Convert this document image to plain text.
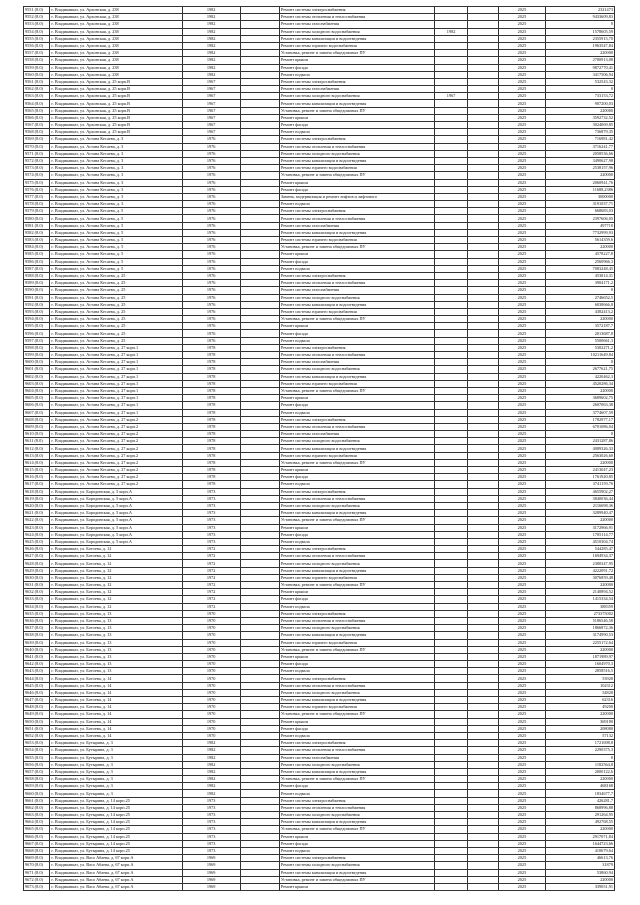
9551 (8.0)	г. Владикавказ, ул. Архонская, д. 238	1982		Ремонт системы электроснабжения			2025	2321473
9552 (8.0)	г. Владикавказ, ул. Архонская, д. 238	1982		Ремонт системы отопления и теплоснабжения			2025	9433609,83
9553 (8.0)	г. Владикавказ, ул. Архонская, д. 238	1982		Ремонт системы газоснабжения			2025	0
9554 (8.0)	г. Владикавказ, ул. Архонская, д. 238	1982		Ремонт системы холодного водоснабжения	1982		2025	1578605,59
9555 (8.0)	г. Владикавказ, ул. Архонская, д. 238	1982		Ремонт системы канализации и водоотведения			2025	2355915,70
9556 (8.0)	г. Владикавказ, ул. Архонская, д. 238	1982		Ремонт системы горячего водоснабжения			2025	1963547,84
9557 (8.0)	г. Владикавказ, ул. Архонская, д. 238	1982		Установка, ремонт и замена общедомовых ПУ			2025	220000
9558 (8.0)	г. Владикавказ, ул. Архонская, д. 238	1982		Ремонт крыши			2025	2780913,08
9559 (8.0)	г. Владикавказ, ул. Архонская, д. 238	1982		Ремонт фасада			2025	9872770,41
9560 (8.0)	г. Владикавказ, ул. Архонская, д. 238	1982		Ремонт подвала			2025	3417506,94
9561 (8.0)	г. Владикавказ, ул. Архонская, д. 25 корп.В	1967		Ремонт системы электроснабжения			2025	532543,32
9562 (8.0)	г. Владикавказ, ул. Архонская, д. 25 корп.В	1967		Ремонт системы газоснабжения			2025	0
9563 (8.0)	г. Владикавказ, ул. Архонская, д. 25 корп.В	1967		Ремонт системы холодного водоснабжения	1967		2025	733153,72
9564 (8.0)	г. Владикавказ, ул. Архонская, д. 25 корп.В	1967		Ремонт системы канализации и водоотведения			2025	907200,03
9565 (8.0)	г. Владикавказ, ул. Архонская, д. 25 корп.В	1967		Установка, ремонт и замена общедомовых ПУ			2025	220000
9566 (8.0)	г. Владикавказ, ул. Архонская, д. 25 корп.В	1967		Ремонт крыши			2025	3592732,52
9567 (8.0)	г. Владикавказ, ул. Архонская, д. 25 корп.В	1967		Ремонт фасада			2025	3024069,85
9568 (8.0)	г. Владикавказ, ул. Архонская, д. 25 корп.В	1967		Ремонт подвала			2025	736879,35
9569 (8.0)	г. Владикавказ, ул. Астана Кесаева, д. 3	1976		Ремонт системы электроснабжения			2025	716981,42
9570 (8.0)	г. Владикавказ, ул. Астана Кесаева, д. 3	1976		Ремонт системы отопления и теплоснабжения			2025	3716241,77
9571 (8.0)	г. Владикавказ, ул. Астана Кесаева, д. 3	1976		Ремонт системы холодного водоснабжения			2025	2058536,66
9572 (8.0)	г. Владикавказ, ул. Астана Кесаева, д. 3	1976		Ремонт системы канализации и водоотведения			2025	3490627,98
9573 (8.0)	г. Владикавказ, ул. Астана Кесаева, д. 3	1976		Ремонт системы горячего водоснабжения			2025	2538157,96
9574 (8.0)	г. Владикавказ, ул. Астана Кесаева, д. 3	1976		Установка, ремонт и замена общедомовых ПУ			2025	220000
9575 (8.0)	г. Владикавказ, ул. Астана Кесаева, д. 3	1976		Ремонт крыши			2025	2060941,76
9576 (8.0)	г. Владикавказ, ул. Астана Кесаева, д. 3	1976		Ремонт фасада			2025	11688,2386
9577 (8.0)	г. Владикавказ, ул. Астана Кесаева, д. 3	1976		Замена, модернизация и ремонт лифтов и лифтового			2025	3000000
9578 (8.0)	г. Владикавказ, ул. Астана Кесаева, д. 3	1976		Ремонт подвала			2025	3191037,71
9579 (8.0)	г. Владикавказ, ул. Астана Кесаева, д. 5	1976		Ремонт системы электроснабжения			2025	668683,03
9580 (8.0)	г. Владикавказ, ул. Астана Кесаева, д. 5	1976		Ремонт системы отопления и теплоснабжения			2025	2397606,05
9581 (8.0)	г. Владикавказ, ул. Астана Кесаева, д. 5	1976		Ремонт системы газоснабжения			2025	497710
9582 (8.0)	г. Владикавказ, ул. Астана Кесаева, д. 5	1976		Ремонт системы канализации и водоотведения			2025	7732999,93
9583 (8.0)	г. Владикавказ, ул. Астана Кесаева, д. 5	1976		Ремонт системы горячего водоснабжения			2025	5614359,6
9584 (8.0)	г. Владикавказ, ул. Астана Кесаева, д. 5	1976		Установка, ремонт и замена общедомовых ПУ			2025	220000
9585 (8.0)	г. Владикавказ, ул. Астана Кесаева, д. 5	1976		Ремонт крыши			2025	4578227,8
9586 (8.0)	г. Владикавказ, ул. Астана Кесаева, д. 5	1976		Ремонт фасада			2025	2560966,3
9587 (8.0)	г. Владикавказ, ул. Астана Кесаева, д. 5	1976		Ремонт подвала			2025	7083248,45
9588 (8.0)	г. Владикавказ, ул. Астана Кесаева, д. 25	1976		Ремонт системы электроснабжения			2025	453814,31
9589 (8.0)	г. Владикавказ, ул. Астана Кесаева, д. 25	1976		Ремонт системы отопления и теплоснабжения			2025	3904171,2
9590 (8.0)	г. Владикавказ, ул. Астана Кесаева, д. 25	1976		Ремонт системы газоснабжения			2025	0
9591 (8.0)	г. Владикавказ, ул. Астана Кесаева, д. 25	1976		Ремонт системы холодного водоснабжения			2025	2746652,5
9592 (8.0)	г. Владикавказ, ул. Астана Кесаева, д. 25	1976		Ремонт системы канализации и водоотведения			2025	6038666,8
9593 (8.0)	г. Владикавказ, ул. Астана Кесаева, д. 25	1976		Ремонт системы горячего водоснабжения			2025	4382413,2
9594 (8.0)	г. Владикавказ, ул. Астана Кесаева, д. 25	1976		Установка, ремонт и замена общедомовых ПУ			2025	220000
9595 (8.0)	г. Владикавказ, ул. Астана Кесаева, д. 25	1976		Ремонт крыши			2025	3572187,7
9596 (8.0)	г. Владикавказ, ул. Астана Кесаева, д. 25	1976		Ремонт фасада			2025	2013687,8
9597 (8.0)	г. Владикавказ, ул. Астана Кесаева, д. 25	1976		Ремонт подвала			2025	5500661,3
9598 (8.0)	г. Владикавказ, ул. Астана Кесаева, д. 27 корп.1	1978		Ремонт системы электроснабжения			2025	5302271,2
9599 (8.0)	г. Владикавказ, ул. Астана Кесаева, д. 27 корп.1	1978		Ремонт системы отопления и теплоснабжения			2025	10211649,84
9600 (8.0)	г. Владикавказ, ул. Астана Кесаева, д. 27 корп.1	1978		Ремонт системы газоснабжения			2025	0
9601 (8.0)	г. Владикавказ, ул. Астана Кесаева, д. 27 корп.1	1978		Ремонт системы холодного водоснабжения			2025	2677621,75
9602 (8.0)	г. Владикавказ, ул. Астана Кесаева, д. 27 корп.1	1978		Ремонт системы канализации и водоотведения			2025	4220462,3
9603 (8.0)	г. Владикавказ, ул. Астана Кесаева, д. 27 корп.1	1978		Ремонт системы горячего водоснабжения			2025	4520286,34
9604 (8.0)	г. Владикавказ, ул. Астана Кесаева, д. 27 корп.1	1978		Установка, ремонт и замена общедомовых ПУ			2025	220000
9605 (8.0)	г. Владикавказ, ул. Астана Кесаева, д. 27 корп.1	1978		Ремонт крыши			2025	3689602,75
9606 (8.0)	г. Владикавказ, ул. Астана Кесаева, д. 27 корп.1	1978		Ремонт фасада			2025	2607063,38
9607 (8.0)	г. Владикавказ, ул. Астана Кесаева, д. 27 корп.1	1978		Ремонт подвала			2025	3774607,59
9608 (8.0)	г. Владикавказ, ул. Астана Кесаева, д. 27 корп.2	1978		Ремонт системы электроснабжения			2025	1782977,17
9609 (8.0)	г. Владикавказ, ул. Астана Кесаева, д. 27 корп.2	1978		Ремонт системы отопления и теплоснабжения			2025	6701086,04
9610 (8.0)	г. Владикавказ, ул. Астана Кесаева, д. 27 корп.2	1978		Ремонт системы газоснабжения			2025	0
9611 (8.0)	г. Владикавказ, ул. Астана Кесаева, д. 27 корп.2	1978		Ремонт системы холодного водоснабжения			2025	2431287,86
9612 (8.0)	г. Владикавказ, ул. Астана Кесаева, д. 27 корп.2	1978		Ремонт системы канализации и водоотведения			2025	4089326,33
9613 (8.0)	г. Владикавказ, ул. Астана Кесаева, д. 27 корп.2	1978		Ремонт системы горячего водоснабжения			2025	2563026,60
9614 (8.0)	г. Владикавказ, ул. Астана Кесаева, д. 27 корп.2	1978		Установка, ремонт и замена общедомовых ПУ			2025	220000
9615 (8.0)	г. Владикавказ, ул. Астана Кесаева, д. 27 корп.2	1978		Ремонт крыши			2025	2413047,23
9616 (8.0)	г. Владикавказ, ул. Астана Кесаева, д. 27 корп.2	1978		Ремонт фасада			2025	1761920,85
9617 (8.0)	г. Владикавказ, ул. Астана Кесаева, д. 27 корп.2	1978		Ремонт подвала			2025	3741159,76
9618 (8.0)	г. Владикавказ, ул. Бородинская, д. 5 корп.А	1973		Ремонт системы электроснабжения			2025	4655902,27
9619 (8.0)	г. Владикавказ, ул. Бородинская, д. 5 корп.А	1973		Ремонт системы отопления и теплоснабжения			2025	3840036,44
9620 (8.0)	г. Владикавказ, ул. Бородинская, д. 5 корп.А	1973		Ремонт системы холодного водоснабжения			2025	2116698,36
9621 (8.0)	г. Владикавказ, ул. Бородинская, д. 5 корп.А	1973		Ремонт системы канализации и водоотведения			2025	3289940,47
9622 (8.0)	г. Владикавказ, ул. Бородинская, д. 5 корп.А	1973		Установка, ремонт и замена общедомовых ПУ			2025	220000
9623 (8.0)	г. Владикавказ, ул. Бородинская, д. 5 корп.А	1973		Ремонт крыши			2025	3172966,91
9624 (8.0)	г. Владикавказ, ул. Бородинская, д. 5 корп.А	1973		Ремонт фасада			2025	1705114,77
9625 (8.0)	г. Владикавказ, ул. Бородинская, д. 5 корп.А	1973		Ремонт подвала			2025	4510304,74
9626 (8.0)	г. Владикавказ, ул. Ботоева, д. 12	1972		Ремонт системы электроснабжения			2025	544285,47
9627 (8.0)	г. Владикавказ, ул. Ботоева, д. 12	1972		Ремонт системы отопления и теплоснабжения			2025	1694934,37
9628 (8.0)	г. Владикавказ, ул. Ботоева, д. 12	1972		Ремонт системы холодного водоснабжения			2025	2380347,95
9629 (8.0)	г. Владикавказ, ул. Ботоева, д. 12	1972		Ремонт системы канализации и водоотведения			2025	4222091,72
9630 (8.0)	г. Владикавказ, ул. Ботоева, д. 12	1972		Ремонт системы горячего водоснабжения			2025	3076859,48
9631 (8.0)	г. Владикавказ, ул. Ботоева, д. 12	1972		Установка, ремонт и замена общедомовых ПУ			2025	220000
9632 (8.0)	г. Владикавказ, ул. Ботоева, д. 12	1972		Ремонт крыши			2025	2140894,52
9633 (8.0)	г. Владикавказ, ул. Ботоева, д. 12	1972		Ремонт фасада			2025	1415334,54
9634 (8.0)	г. Владикавказ, ул. Ботоева, д. 12	1972		Ремонт подвала			2025	388359
9635 (8.0)	г. Владикавказ, ул. Ботоева, д. 13	1970		Ремонт системы электроснабжения			2025	273375002
9636 (8.0)	г. Владикавказ, ул. Ботоева, д. 13	1970		Ремонт системы отопления и теплоснабжения			2025	5186546,58
9637 (8.0)	г. Владикавказ, ул. Ботоева, д. 13	1970		Ремонт системы холодного водоснабжения			2025	1866872,36
9638 (8.0)	г. Владикавказ, ул. Ботоева, д. 13	1970		Ремонт системы канализации и водоотведения			2025	3174990,53
9639 (8.0)	г. Владикавказ, ул. Ботоева, д. 13	1970		Ремонт системы горячего водоснабжения			2025	2255172,64
9640 (8.0)	г. Владикавказ, ул. Ботоева, д. 13	1970		Установка, ремонт и замена общедомовых ПУ			2025	220000
9641 (8.0)	г. Владикавказ, ул. Ботоева, д. 13	1970		Ремонт крыши			2025	1871989,97
9642 (8.0)	г. Владикавказ, ул. Ботоева, д. 13	1970		Ремонт фасада			2025	1604970,3
9643 (8.0)	г. Владикавказ, ул. Ботоева, д. 13	1970		Ремонт подвала			2025	2858516,5
9644 (8.0)	г. Владикавказ, ул. Ботоева, д. 14	1970		Ремонт системы электроснабжения			2025	53928
9645 (8.0)	г. Владикавказ, ул. Ботоева, д. 14	1970		Ремонт системы отопления и теплоснабжения			2025	102312
9646 (8.0)	г. Владикавказ, ул. Ботоева, д. 14	1970		Ремонт системы холодного водоснабжения			2025	54828
9647 (8.0)	г. Владикавказ, ул. Ботоева, д. 14	1970		Ремонт системы канализации и водоотведения			2025	62316
9648 (8.0)	г. Владикавказ, ул. Ботоева, д. 14	1970		Ремонт системы горячего водоснабжения			2025	49200
9649 (8.0)	г. Владикавказ, ул. Ботоева, д. 14	1970		Установка, ремонт и замена общедомовых ПУ			2025	220000
9650 (8.0)	г. Владикавказ, ул. Ботоева, д. 14	1970		Ремонт крыши			2025	369180
9651 (8.0)	г. Владикавказ, ул. Ботоева, д. 14	1970		Ремонт фасада			2025	208080
9652 (8.0)	г. Владикавказ, ул. Ботоева, д. 14	1970		Ремонт подвала			2025	57132
9653 (8.0)	г. Владикавказ, ул. Бутырина, д. 3	1982		Ремонт системы электроснабжения			2025	1721698,8
9654 (8.0)	г. Владикавказ, ул. Бутырина, д. 3	1982		Ремонт системы отопления и теплоснабжения			2025	2290375,3
9655 (8.0)	г. Владикавказ, ул. Бутырина, д. 3	1982		Ремонт системы газоснабжения			2025	0
9656 (8.0)	г. Владикавказ, ул. Бутырина, д. 3	1982		Ремонт системы холодного водоснабжения			2025	1182564,8
9657 (8.0)	г. Владикавказ, ул. Бутырина, д. 3	1982		Ремонт системы канализации и водоотведения			2025	2000122,6
9658 (8.0)	г. Владикавказ, ул. Бутырина, д. 3	1982		Установка, ремонт и замена общедомовых ПУ			2025	220000
9659 (8.0)	г. Владикавказ, ул. Бутырина, д. 3	1982		Ремонт фасада			2025	468168
9660 (8.0)	г. Владикавказ, ул. Бутырина, д. 3	1982		Ремонт подвала			2025	1834677,7
9661 (8.0)	г. Владикавказ, ул. Бутырина, д. 14 корп.25	1973		Ремонт системы электроснабжения			2025	426281,7
9662 (8.0)	г. Владикавказ, ул. Бутырина, д. 14 корп.25	1973		Ремонт системы отопления и теплоснабжения			2025	868996,88
9663 (8.0)	г. Владикавказ, ул. Бутырина, д. 14 корп.25	1973		Ремонт системы холодного водоснабжения			2025	291264,95
9664 (8.0)	г. Владикавказ, ул. Бутырина, д. 14 корп.25	1973		Ремонт системы канализации и водоотведения			2025	492768,55
9665 (8.0)	г. Владикавказ, ул. Бутырина, д. 14 корп.25	1973		Установка, ремонт и замена общедомовых ПУ			2025	220000
9666 (8.0)	г. Владикавказ, ул. Бутырина, д. 14 корп.25	1973		Ремонт крыши			2025	2917071,84
9667 (8.0)	г. Владикавказ, ул. Бутырина, д. 14 корп.25	1973		Ремонт фасада			2025	1644723,66
9668 (8.0)	г. Владикавказ, ул. Бутырина, д. 14 корп.25	1973		Ремонт подвала			2025	410679,64
9669 (8.0)	г. Владикавказ, ул. Васо Абаева, д. 67 корп.А	1969		Ремонт системы электроснабжения			2025	46613,76
9670 (8.0)	г. Владикавказ, ул. Васо Абаева, д. 67 корп.А	1969		Ремонт системы холодного водоснабжения			2025	31879
9671 (8.0)	г. Владикавказ, ул. Васо Абаева, д. 67 корп.А	1969		Ремонт системы канализации и водоотведения			2025	53860,94
9672 (8.0)	г. Владикавказ, ул. Васо Абаева, д. 67 корп.А	1969		Установка, ремонт и замена общедомовых ПУ			2025	220000
9673 (8.0)	г. Владикавказ, ул. Васо Абаева, д. 67 корп.А	1969		Ремонт крыши			2025	339051,91
